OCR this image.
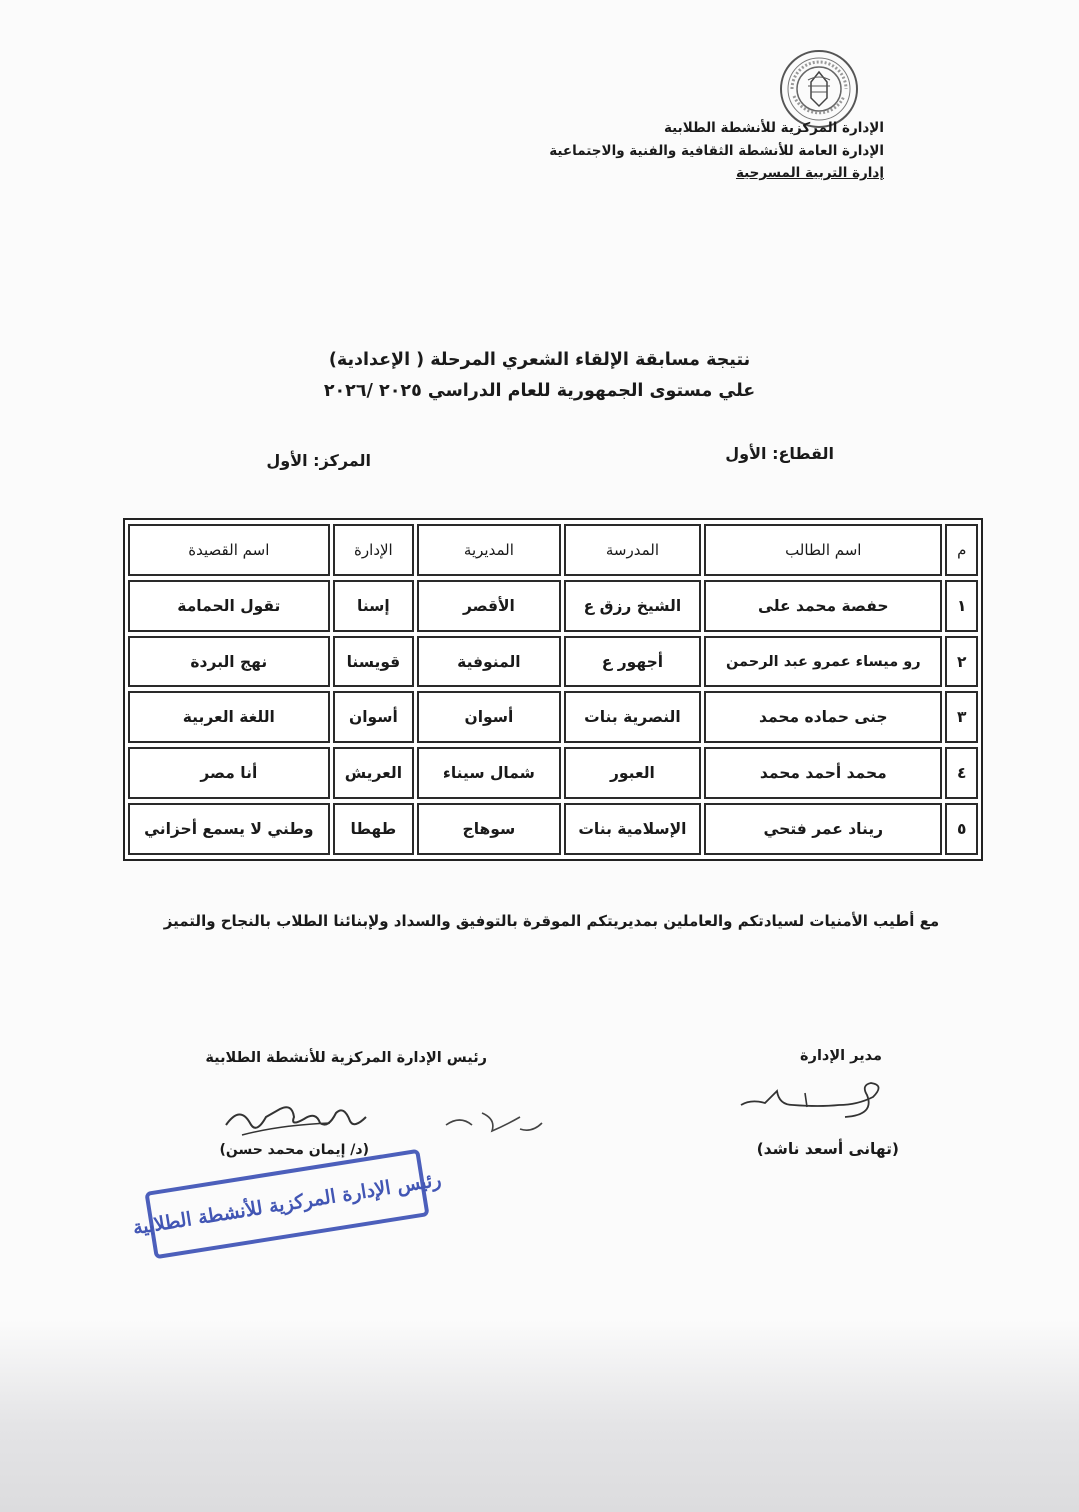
الإدارة المركزية للأنشطة الطلابية
الإدارة العامة للأنشطة الثقافية والفنية والاجتماعية
إدارة التربية المسرحية
نتيجة مسابقة الإلقاء الشعري المرحلة ( الإعدادية)
علي مستوى الجمهورية للعام الدراسي ٢٠٢٥ /٢٠٢٦
القطاع: الأول
المركز: الأول
م	اسم الطالب	المدرسة	المديرية	الإدارة	اسم القصيدة
١	حفصة محمد على	الشيخ رزق ع	الأقصر	إسنا	تقول الحمامة
٢	رو ميساء عمرو عبد الرحمن	أجهور ع	المنوفية	قويسنا	نهج البردة
٣	جنى حماده محمد	النصرية بنات	أسوان	أسوان	اللغة العربية
٤	محمد أحمد محمد	العبور	شمال سيناء	العريش	أنا مصر
٥	ريناد عمر فتحي	الإسلامية بنات	سوهاج	طهطا	وطني لا يسمع أحزاني
مع أطيب الأمنيات لسيادتكم والعاملين بمديريتكم الموقرة بالتوفيق والسداد ولإبنائنا الطلاب بالنجاح والتميز
رئيس الإدارة المركزية للأنشطة الطلابية	مدير الإدارة
(تهانى أسعد ناشد)
(د/ إيمان محمد حسن)
رئيس الإدارة المركزية للأنشطة الطلابية
